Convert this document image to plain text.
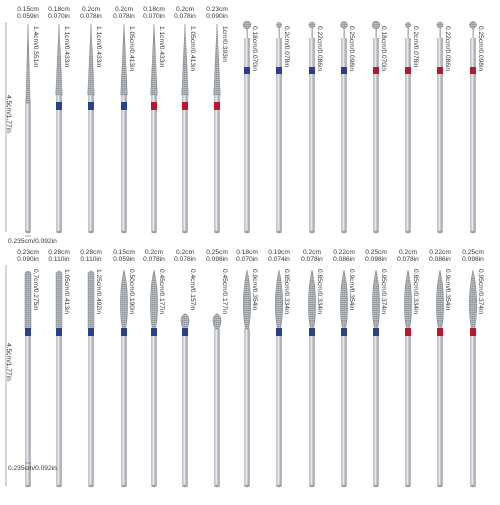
0.15cm
0.059in
1.4cm/0.551in
0.18cm
0.070in
1.1cm/0.433in
0.2cm
0.078in
1.1cm/0.433in
0.2cm
0.078in
1.05cm/0.413in
0.18cm
0.070in
1.1cm/0.433in
0.2cm
0.078in
1.05cm/0.413in
0.23cm
0.090in
1cm/0.393in	0.18cm/0.070in	0.2cm/0.078in	0.22cm/0.086in	0.25cm/0.098in	0.18cm/0.070in	0.2cm/0.078in	0.22cm/0.086in	0.25cm/0.098in
4.5cm/1.77in
0.235cm/0.092in
0.23cm
0.090in
0.7cm/0.275in
0.28cm
0.110in
1.05cm/0.413in
0.28cm
0.110in
1.25cm/0.492in
0.15cm
0.059in
0.50cm/0.190in
0.2cm
0.078in
0.45cm/0.177in
0.2cm
0.078in
0.4cm/0.157in
0.25cm
0.098in
0.45cm/0.177in
0.18cm
0.070in
0.9cm/0.354in
0.19cm
0.074in
0.85cm/0.334in
0.2cm
0.078in
0.85cm/0.334in
0.22cm
0.086in
0.9cm/0.354in
0.25cm
0.098in
0.95cm/0.374in
0.2cm
0.078in
0.85cm/0.334in
0.22cm
0.086in
0.9cm/0.354in
0.25cm
0.098in
0.95cm/0.374in
4.5cm/1.77in
0.235cm/0.092in
